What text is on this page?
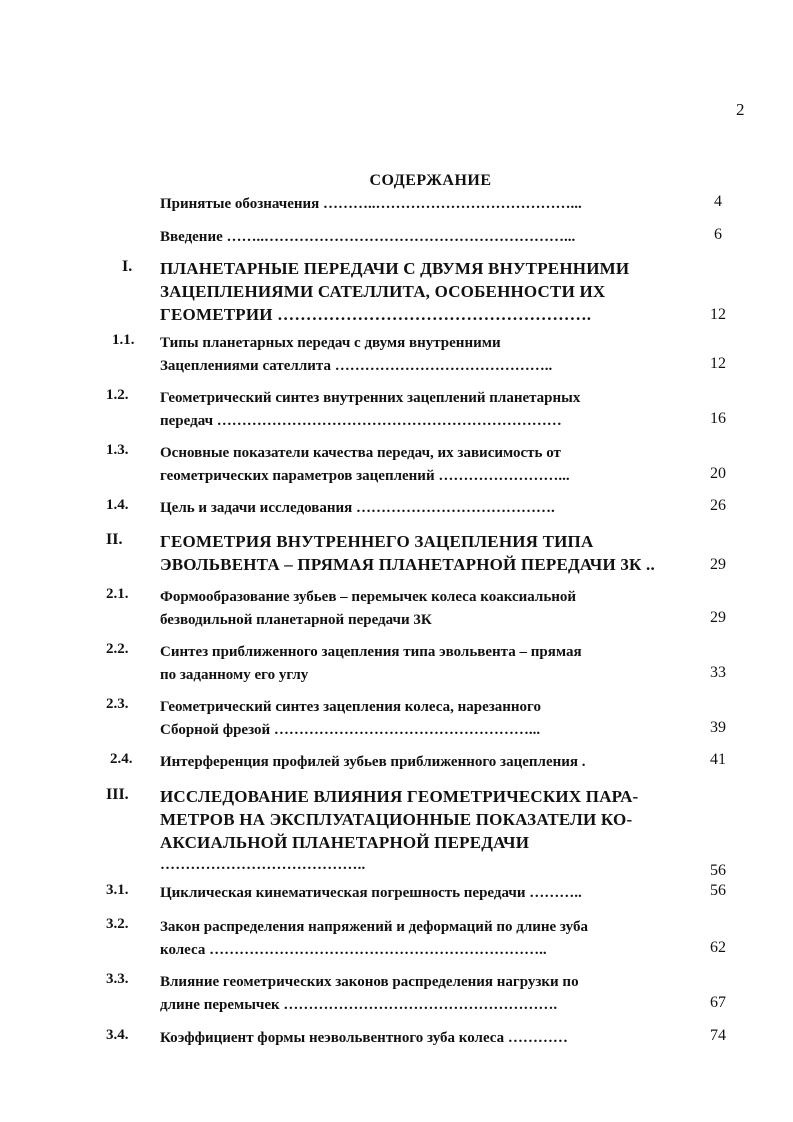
2
СОДЕРЖАНИЕ
Принятые обозначения ………..…………………………………...	4
Введение ……..……………………………………………………...	6
I.	ПЛАНЕТАРНЫЕ ПЕРЕДАЧИ С ДВУМЯ ВНУТРЕННИМИ
ЗАЦЕПЛЕНИЯМИ САТЕЛЛИТА, ОСОБЕННОСТИ ИХ
ГЕОМЕТРИИ ……………………………………………….	12
1.1.	Типы планетарных передач с двумя внутренними
Зацеплениями сателлита ……………………………………..	12
1.2.	Геометрический синтез внутренних зацеплений планетарных
передач ……………………………………………………………	16
1.3.	Основные показатели качества передач, их зависимость от
геометрических параметров зацеплений ……………………...	20
1.4.	Цель и задачи исследования ………………………………….	26
II.	ГЕОМЕТРИЯ ВНУТРЕННЕГО ЗАЦЕПЛЕНИЯ ТИПА
ЭВОЛЬВЕНТА – ПРЯМАЯ ПЛАНЕТАРНОЙ ПЕРЕДАЧИ 3К ..	29
2.1.	Формообразование зубьев – перемычек колеса коаксиальной
безводильной планетарной передачи 3К	29
2.2.	Синтез приближенного зацепления типа эвольвента – прямая
по заданному его углу	33
2.3.	Геометрический синтез зацепления колеса, нарезанного
Сборной фрезой ……………………………………………...	39
2.4.	Интерференция профилей зубьев приближенного зацепления .	41
III.	ИССЛЕДОВАНИЕ ВЛИЯНИЯ ГЕОМЕТРИЧЕСКИХ ПАРА-
МЕТРОВ НА ЭКСПЛУАТАЦИОННЫЕ ПОКАЗАТЕЛИ КО-
АКСИАЛЬНОЙ ПЛАНЕТАРНОЙ ПЕРЕДАЧИ
…………………………………..	56
3.1.	Циклическая кинематическая погрешность передачи ………..	56
3.2.	Закон распределения напряжений и деформаций по длине зуба
колеса …………………………………………………………..	62
3.3.	Влияние геометрических законов распределения нагрузки по
длине перемычек ……………………………………………….	67
3.4.	Коэффициент формы неэвольвентного зуба колеса …………	74
